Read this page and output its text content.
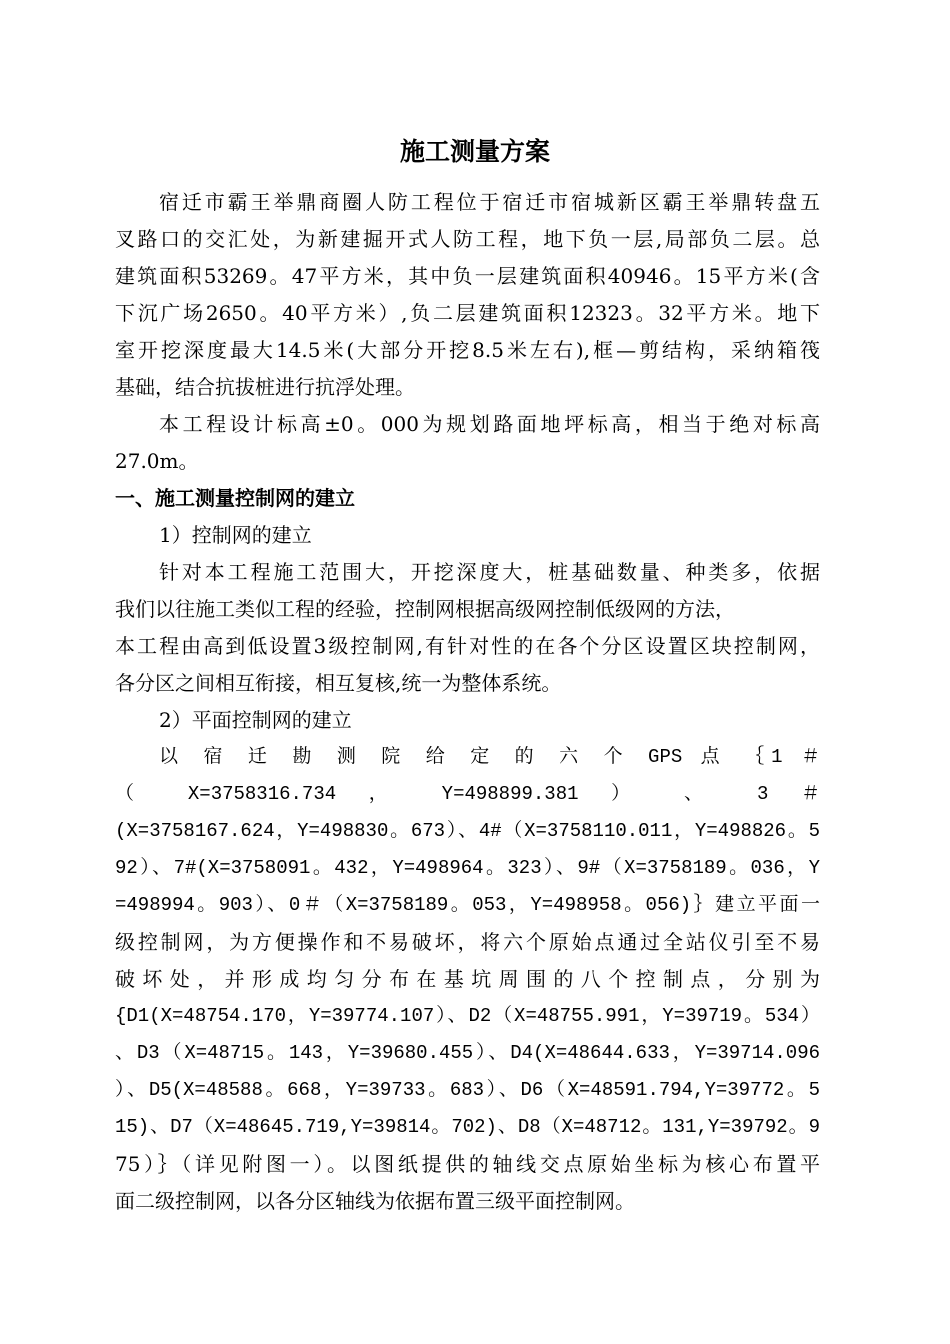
施工测量方案
宿迁市霸王举鼎商圈人防工程位于宿迁市宿城新区霸王举鼎转盘五
叉路口的交汇处，为新建掘开式人防工程，地下负一层,局部负二层。总
建筑面积53269。47平方米，其中负一层建筑面积40946。15平方米(含
下沉广场2650。40平方米）,负二层建筑面积12323。32平方米。地下
室开挖深度最大14.5米(大部分开挖8.5米左右),框—剪结构，采纳箱筏
基础，结合抗拔桩进行抗浮处理。
本工程设计标高±0。000为规划路面地坪标高，相当于绝对标高
27.0m。
一、施工测量控制网的建立
1）控制网的建立
针对本工程施工范围大，开挖深度大，桩基础数量、种类多，依据
我们以往施工类似工程的经验，控制网根据高级网控制低级网的方法，
本工程由高到低设置3级控制网,有针对性的在各个分区设置区块控制网，
各分区之间相互衔接，相互复核,统一为整体系统。
2）平面控制网的建立
以 宿 迁 勘 测 院 给 定 的 六 个 GPS 点 ｛1 ＃
（ X=3758316.734 ， Y=498899.381 ） 、 3 ＃
(X=3758167.624，Y=498830。673）、4#（X=3758110.011，Y=498826。5
92）、7#(X=3758091。432，Y=498964。323）、9#（X=3758189。036，Y
=498994。903）、0＃（X=3758189。053，Y=498958。056)｝建立平面一
级控制网，为方便操作和不易破坏，将六个原始点通过全站仪引至不易
破坏处，并形成均匀分布在基坑周围的八个控制点，分别为
{D1(X=48754.170，Y=39774.107）、D2（X=48755.991，Y=39719。534）
、D3（X=48715。143，Y=39680.455）、D4(X=48644.633，Y=39714.096
）、D5(X=48588。668，Y=39733。683）、D6（X=48591.794,Y=39772。5
15)、D7（X=48645.719,Y=39814。702)、D8（X=48712。131,Y=39792。9
75）｝（详见附图一）。以图纸提供的轴线交点原始坐标为核心布置平
面二级控制网，以各分区轴线为依据布置三级平面控制网。
